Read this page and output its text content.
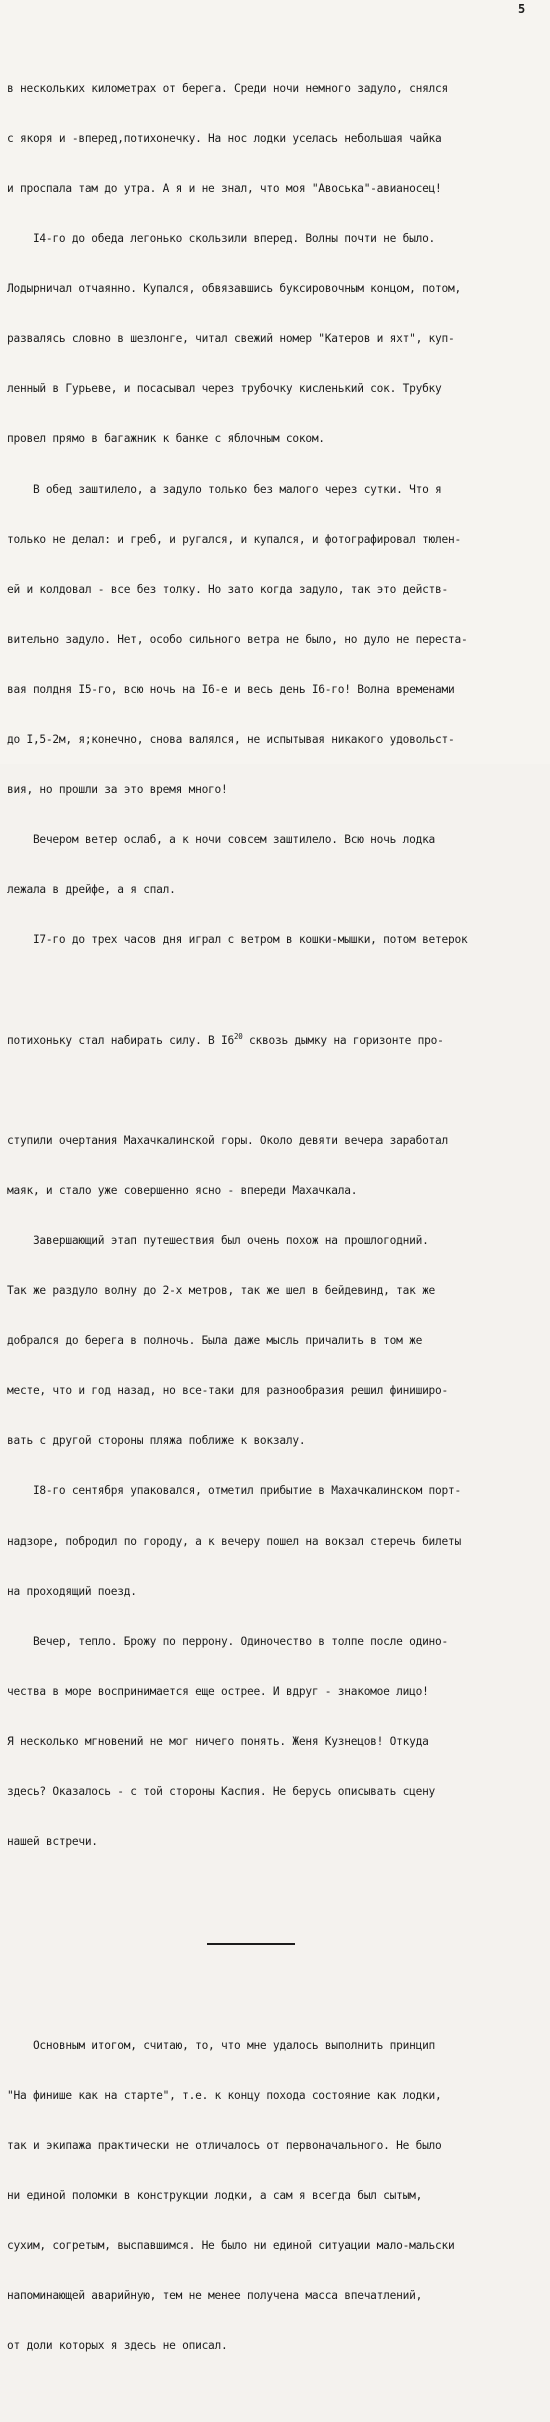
5

в нескольких километрах от берега. Среди ночи немного задуло, снялся

с якоря и -вперед,потихонечку. На нос лодки уселась небольшая чайка

и проспала там до утра. А я и не знал, что моя "Авоська"-авианосец!

I4-го до обеда легонько скользили вперед. Волны почти не было.

Лодырничал отчаянно. Купался, обвязавшись буксировочным концом, потом,

развалясь словно в шезлонге, читал свежий номер "Катеров и яхт", куп-

ленный в Гурьеве, и посасывал через трубочку кисленький сок. Трубку

провел прямо в багажник к банке с яблочным соком.

В обед заштилело, а задуло только без малого через сутки. Что я

только не делал: и греб, и ругался, и купался, и фотографировал тюлен-

ей и колдовал - все без толку. Но зато когда задуло, так это действ-

вительно задуло. Нет, особо сильного ветра не было, но дуло не переста-

вая полдня I5-го, всю ночь на I6-е и весь день I6-го! Волна временами

до I,5-2м, я;конечно, снова валялся, не испытывая никакого удовольст-

вия, но прошли за это время много!

Вечером ветер ослаб, а к ночи совсем заштилело. Всю ночь лодка

лежала в дрейфе, а я спал.

I7-го до трех часов дня играл с ветром в кошки-мышки, потом ветерок

потихоньку стал набирать силу. В $I6^{20}$ сквозь дымку на горизонте про-

ступили очертания Махачкалинской горы. Около девяти вечера заработал

маяк, и стало уже совершенно ясно - впереди Махачкала.

Завершающий этап путешествия был очень похож на прошлогодний.

Так же раздуло волну до 2-х метров, так же шел в бейдевинд, так же

добрался до берега в полночь. Была даже мысль причалить в том же

месте, что и год назад, но все-таки для разнообразия решил финиширо-

вать с другой стороны пляжа поближе к вокзалу.

I8-го сентября упаковался, отметил прибытие в Махачкалинском порт-

надзоре, побродил по городу, а к вечеру пошел на вокзал стеречь билеты

на проходящий поезд.

Вечер, тепло. Брожу по перрону. Одиночество в толпе после одино-

чества в море воспринимается еще острее. И вдруг - знакомое лицо!

Я несколько мгновений не мог ничего понять. Женя Кузнецов! Откуда

здесь? Оказалось - с той стороны Каспия. Не берусь описывать сцену

нашей встречи.

Основным итогом, считаю, то, что мне удалось выполнить принцип

"На финише как на старте", т.е. к концу похода состояние как лодки,

так и экипажа практически не отличалось от первоначального. Не было

ни единой поломки в конструкции лодки, а сам я всегда был сытым,

сухим, согретым, выспавшимся. Не было ни единой ситуации мало-мальски

напоминающей аварийную, тем не менее получена масса впечатлений,

от доли которых я здесь не описал.
